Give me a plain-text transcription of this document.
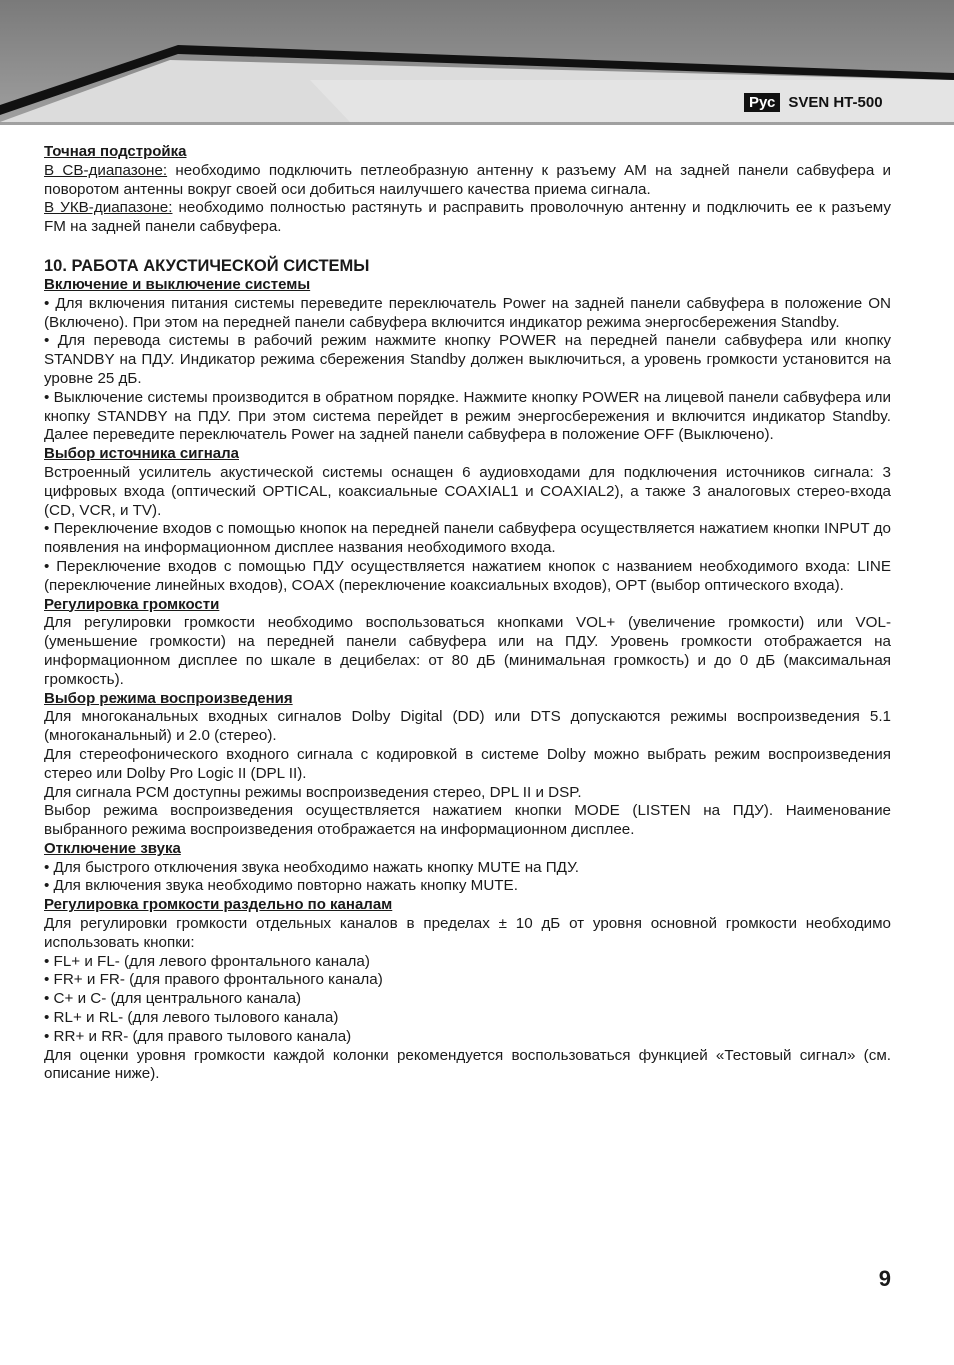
Рус SVEN HT-500

Точная подстройка

В СВ-диапазоне: необходимо подключить петлеобразную антенну к разъему AM на задней панели сабвуфера и поворотом антенны вокруг своей оси добиться наилучшего качества приема сигнала.

В УКВ-диапазоне: необходимо полностью растянуть и расправить проволочную антенну и подключить ее к разъему FM на задней панели сабвуфера.

10. РАБОТА АКУСТИЧЕСКОЙ СИСТЕМЫ

Включение и выключение системы

• Для включения питания системы переведите переключатель Power на задней панели сабвуфера в положение ON (Включено). При этом на передней панели сабвуфера включится индикатор режима энергосбережения Standby.

• Для перевода системы в рабочий режим нажмите кнопку POWER на передней панели сабвуфера или кнопку STANDBY на ПДУ. Индикатор режима сбережения Standby должен выключиться, а уровень громкости установится на уровне 25 дБ.

• Выключение системы производится в обратном порядке. Нажмите кнопку POWER на лицевой панели сабвуфера или кнопку STANDBY на ПДУ. При этом система перейдет в режим энергосбережения и включится индикатор Standby. Далее переведите переключатель Power на задней панели сабвуфера в положение OFF (Выключено).

Выбор источника сигнала

Встроенный усилитель акустической системы оснащен 6 аудиовходами для подключения источников сигнала: 3 цифровых входа (оптический OPTICAL, коаксиальные COAXIAL1 и COAXIAL2), а также 3 аналоговых стерео-входа (CD, VCR, и TV).

• Переключение входов с помощью кнопок на передней панели сабвуфера осуществляется нажатием кнопки INPUT до появления на информационном дисплее названия необходимого входа.

• Переключение входов с помощью ПДУ осуществляется нажатием кнопок с названием необходимого входа: LINE (переключение линейных входов), COAX (переключение коаксиальных входов), OPT (выбор оптического входа).

Регулировка громкости

Для регулировки громкости необходимо воспользоваться кнопками VOL+ (увеличение громкости) или VOL- (уменьшение громкости) на передней панели сабвуфера или на ПДУ. Уровень громкости отображается на информационном дисплее по шкале в децибелах: от 80 дБ (минимальная громкость) и до 0 дБ (максимальная громкость).

Выбор режима воспроизведения

Для многоканальных входных сигналов Dolby Digital (DD) или DTS допускаются режимы воспроизведения 5.1 (многоканальный) и 2.0 (стерео).

Для стереофонического входного сигнала с кодировкой в системе Dolby можно выбрать режим воспроизведения стерео или Dolby Pro Logic II (DPL II).

Для сигнала PCM доступны режимы воспроизведения стерео, DPL II и DSP.

Выбор режима воспроизведения осуществляется нажатием кнопки MODE (LISTEN на ПДУ). Наименование выбранного режима воспроизведения отображается на информационном дисплее.

Отключение звука

• Для быстрого отключения звука необходимо нажать кнопку MUTE на ПДУ.

• Для включения звука необходимо повторно нажать кнопку MUTE.

Регулировка громкости раздельно по каналам

Для регулировки громкости отдельных каналов в пределах ± 10 дБ от уровня основной громкости необходимо использовать кнопки:

• FL+ и FL- (для левого фронтального канала)

• FR+ и FR- (для правого фронтального канала)

• C+ и C- (для центрального канала)

• RL+ и RL- (для левого тылового канала)

• RR+ и RR- (для правого тылового канала)

Для оценки уровня громкости каждой колонки рекомендуется воспользоваться функцией «Тестовый сигнал» (см. описание ниже).

9
